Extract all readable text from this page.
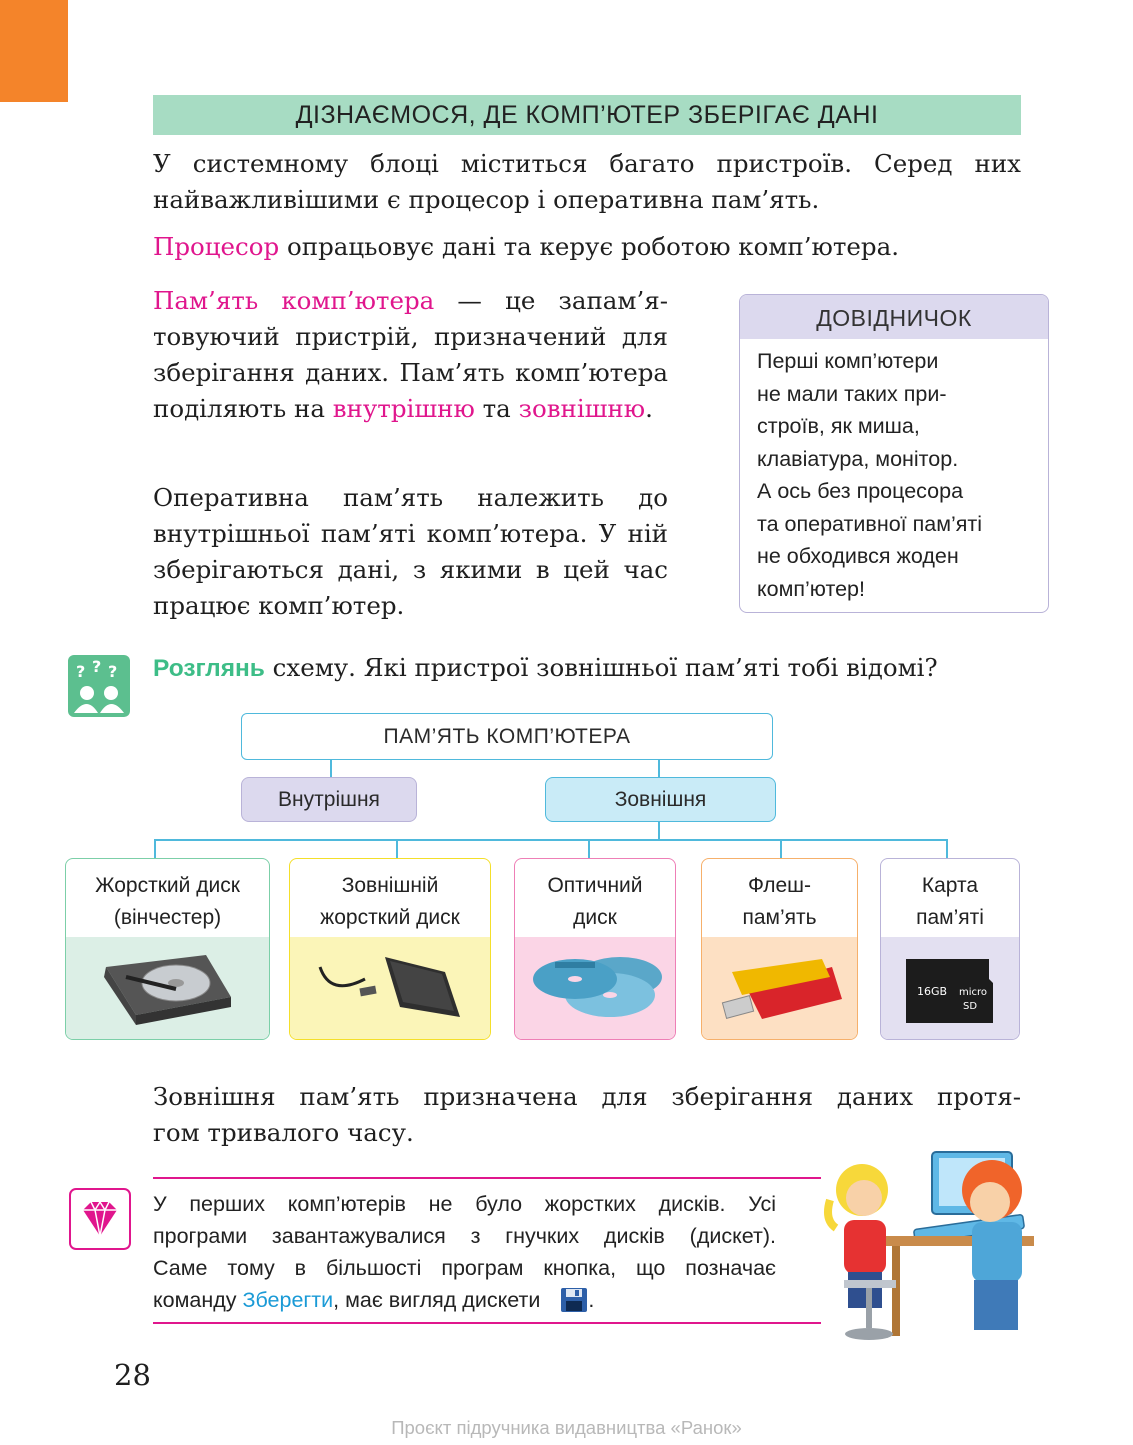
ДІЗНАЄМОСЯ, ДЕ КОМП’ЮТЕР ЗБЕРІГАЄ ДАНІ
У системному блоці міститься багато пристроїв. Серед них
найважливішими є процесор і оперативна пам’ять.
Процесор опрацьовує дані та керує роботою комп’ютера.
Пам’ять комп’ютера — це запам’ятовуючий пристрій, призначений для зберігання даних. Пам’ять комп’ютера поділяють на внутрішню та зовнішню.
Оперативна пам’ять належить до внутрішньої пам’яті комп’ютера. У ній зберігаються дані, з якими в цей час працює комп’ютер.
ДОВІДНИЧОК
Перші комп’ютери
не мали таких при-
строїв, як миша,
клавіатура, монітор.
А ось без процесора
та оперативної пам’яті
не обходився жоден
комп’ютер!
? ? ? Розглянь схему. Які пристрої зовнішньої пам’яті тобі відомі?
ПАМ’ЯТЬ КОМП’ЮТЕРА
Внутрішня	Зовнішня
Жорсткий диск
(вінчестер)
Зовнішній
жорсткий диск
Оптичний
диск
Флеш-
пам’ять
Карта
пам’яті
16GB micro
SD
Зовнішня пам’ять призначена для зберігання даних протя-
гом тривалого часу.
У перших комп’ютерів не було жорстких дисків. Усі
програми завантажувалися з гнучких дисків (дискет).
Саме тому в більшості програм кнопка, що позначає
команду Зберегти, має вигляд дискети .
28
Проєкт підручника видавництва «Ранок»
